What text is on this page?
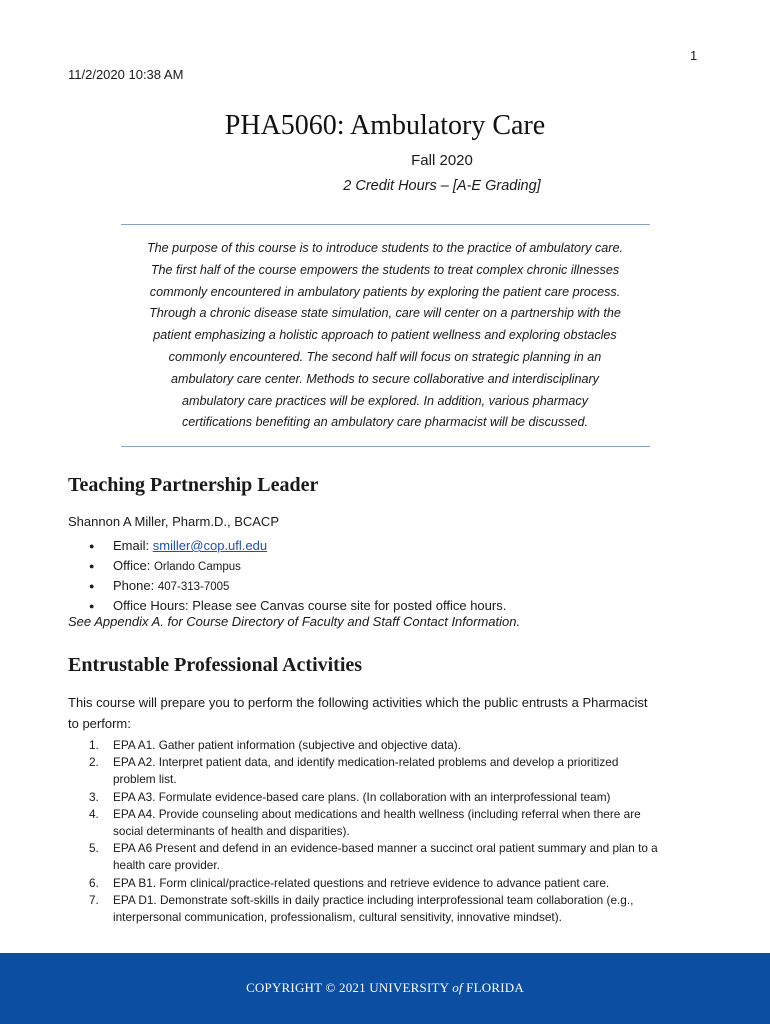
1
11/2/2020 10:38 AM
PHA5060: Ambulatory Care
Fall 2020
2 Credit Hours – [A-E Grading]

The purpose of this course is to introduce students to the practice of ambulatory care.
The first half of the course empowers the students to treat complex chronic illnesses
commonly encountered in ambulatory patients by exploring the patient care process.
Through a chronic disease state simulation, care will center on a partnership with the
patient emphasizing a holistic approach to patient wellness and exploring obstacles
commonly encountered. The second half will focus on strategic planning in an
ambulatory care center. Methods to secure collaborative and interdisciplinary
ambulatory care practices will be explored. In addition, various pharmacy
certifications benefiting an ambulatory care pharmacist will be discussed.

Teaching Partnership Leader
Shannon A Miller, Pharm.D., BCACP
● Email: smiller@cop.ufl.edu
● Office: Orlando Campus
● Phone: 407-313-7005
● Office Hours: Please see Canvas course site for posted office hours.
See Appendix A. for Course Directory of Faculty and Staff Contact Information.
Entrustable Professional Activities

This course will prepare you to perform the following activities which the public entrusts a Pharmacist
to perform:

1. EPA A1. Gather patient information (subjective and objective data).
2. EPA A2. Interpret patient data, and identify medication-related problems and develop a prioritized
problem list.
3. EPA A3. Formulate evidence-based care plans. (In collaboration with an interprofessional team)
4. EPA A4. Provide counseling about medications and health wellness (including referral when there are
social determinants of health and disparities).
5. EPA A6 Present and defend in an evidence-based manner a succinct oral patient summary and plan to a
health care provider.
6. EPA B1. Form clinical/practice-related questions and retrieve evidence to advance patient care.
7. EPA D1. Demonstrate soft-skills in daily practice including interprofessional team collaboration (e.g.,
interpersonal communication, professionalism, cultural sensitivity, innovative mindset).
COPYRIGHT © 2021 UNIVERSITY of FLORIDA
